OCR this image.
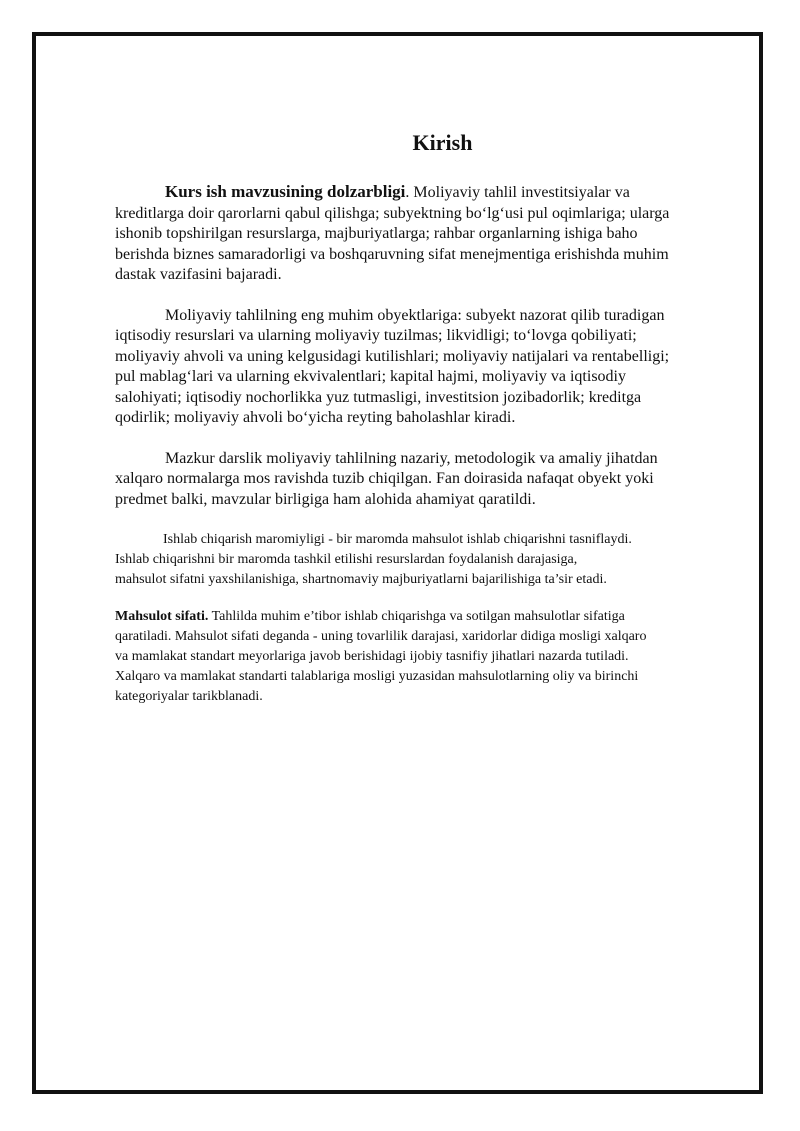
Kirish

Kurs ish mavzusining dolzarbligi. Moliyaviy tahlil investitsiyalar va
kreditlarga doir qarorlarni qabul qilishga; subyektning bo‘lg‘usi pul oqimlariga; ularga
ishonib topshirilgan resurslarga, majburiyatlarga; rahbar organlarning ishiga baho
berishda biznes samaradorligi va boshqaruvning sifat menejmentiga erishishda muhim
dastak vazifasini bajaradi.

Moliyaviy tahlilning eng muhim obyektlariga: subyekt nazorat qilib turadigan
iqtisodiy resurslari va ularning moliyaviy tuzilmas; likvidligi; to‘lovga qobiliyati;
moliyaviy ahvoli va uning kelgusidagi kutilishlari; moliyaviy natijalari va rentabelligi;
pul mablag‘lari va ularning ekvivalentlari; kapital hajmi, moliyaviy va iqtisodiy
salohiyati; iqtisodiy nochorlikka yuz tutmasligi, investitsion jozibadorlik; kreditga
qodirlik; moliyaviy ahvoli bo‘yicha reyting baholashlar kiradi.

Mazkur darslik moliyaviy tahlilning nazariy, metodologik va amaliy jihatdan
xalqaro normalarga mos ravishda tuzib chiqilgan. Fan doirasida nafaqat obyekt yoki
predmet balki, mavzular birligiga ham alohida ahamiyat qaratildi.

Ishlab chiqarish maromiyligi - bir maromda mahsulot ishlab chiqarishni tasniflaydi.
Ishlab chiqarishni bir maromda tashkil etilishi resurslardan foydalanish darajasiga,
mahsulot sifatni yaxshilanishiga, shartnomaviy majburiyatlarni bajarilishiga ta’sir etadi.

Mahsulot sifati. Tahlilda muhim e’tibor ishlab chiqarishga va sotilgan mahsulotlar sifatiga
qaratiladi. Mahsulot sifati deganda - uning tovarlilik darajasi, xaridorlar didiga mosligi xalqaro
va mamlakat standart meyorlariga javob berishidagi ijobiy tasnifiy jihatlari nazarda tutiladi.
Xalqaro va mamlakat standarti talablariga mosligi yuzasidan mahsulotlarning oliy va birinchi
kategoriyalar tarikblanadi.
